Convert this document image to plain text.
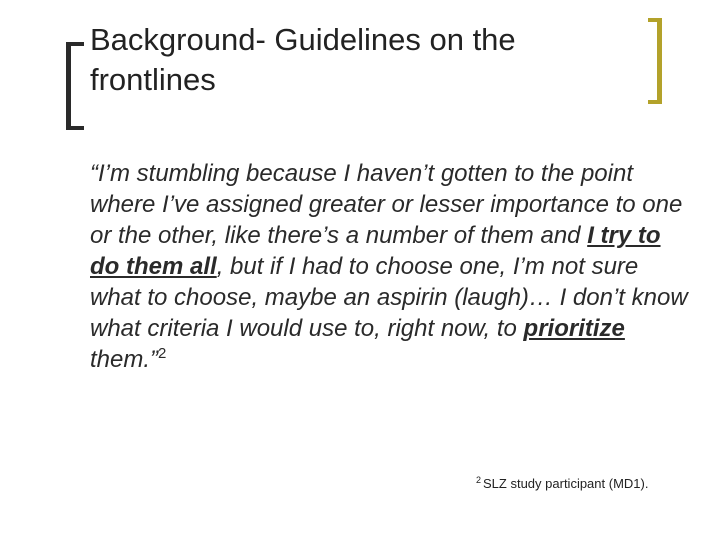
Background- Guidelines on the frontlines

“I’m stumbling because I haven’t gotten to the point where I’ve assigned greater or lesser importance to one or the other, like there’s a number of them and I try to do them all, but if I had to choose one, I’m not sure what to choose, maybe an aspirin (laugh)… I don’t know what criteria I would use to, right now, to prioritize them.”$^2$

$^2$ SLZ study participant (MD1).
